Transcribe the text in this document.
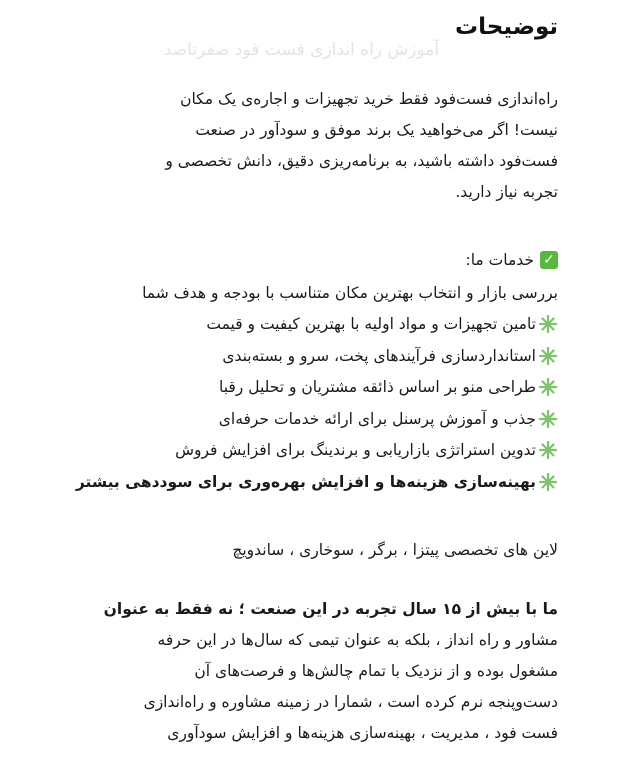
توضیحات
آموزش راه اندازی فست فود صفرتاصد
راه‌اندازی فست‌فود فقط خرید تجهیزات و اجاره‌ی یک مکان
نیست! اگر می‌خواهید یک برند موفق و سودآور در صنعت
فست‌فود داشته باشید، به برنامه‌ریزی دقیق، دانش تخصصی و
تجربه نیاز دارید.
✓
خدمات ما:
بررسی بازار و انتخاب بهترین مکان متناسب با بودجه و هدف شما
تامین تجهیزات و مواد اولیه با بهترین کیفیت و قیمت
استانداردسازی فرآیندهای پخت، سرو و بسته‌بندی
طراحی منو بر اساس ذائقه مشتریان و تحلیل رقبا
جذب و آموزش پرسنل برای ارائه خدمات حرفه‌ای
تدوین استراتژی بازاریابی و برندینگ برای افزایش فروش
بهینه‌سازی هزینه‌ها و افزایش بهره‌وری برای سوددهی بیشتر
لاین های تخصصی پیتزا ، برگر ، سوخاری ، ساندویچ
ما با بیش از ۱۵ سال تجربه در این صنعت ؛ نه فقط به عنوان
مشاور و راه انداز ، بلکه به عنوان تیمی که سال‌ها در این حرفه
مشغول بوده و از نزدیک با تمام چالش‌ها و فرصت‌های آن
دست‌وپنجه نرم کرده است ، شمارا در زمینه مشاوره و راه‌اندازی
فست فود ، مدیریت ، بهینه‌سازی هزینه‌ها و افزایش سودآوری
